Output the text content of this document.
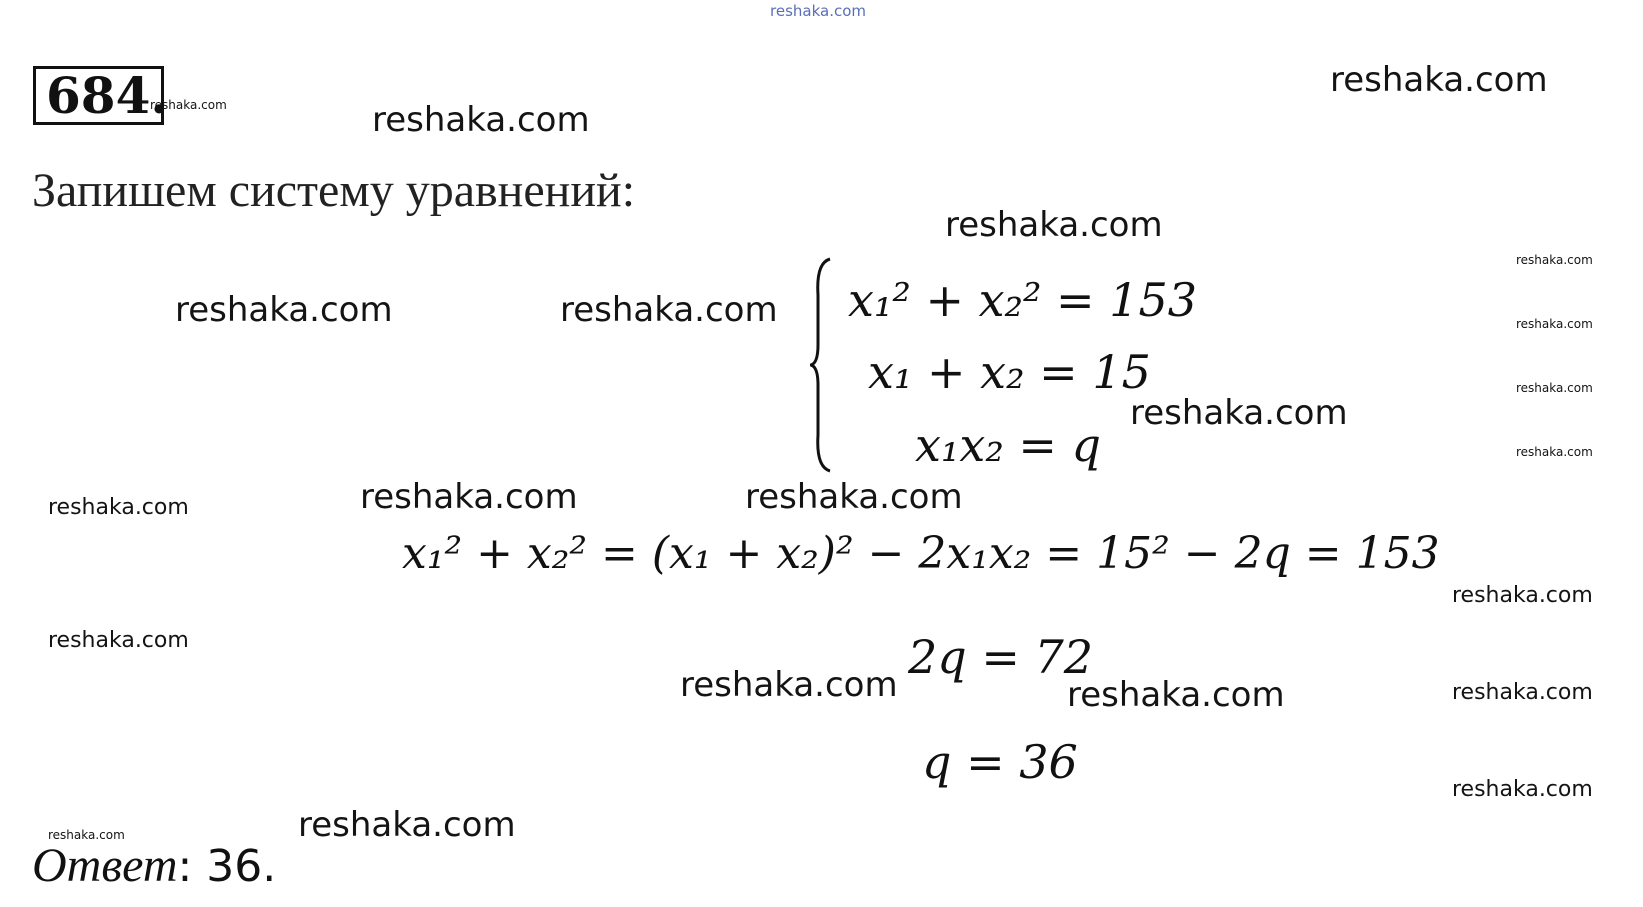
reshaka.com
684.
reshaka.com
reshaka.com
reshaka.com
reshaka.com
reshaka.com	reshaka.com
reshaka.com
reshaka.com	reshaka.com
reshaka.com	reshaka.com
reshaka.com
reshaka.com
reshaka.com
reshaka.com
reshaka.com
reshaka.com
reshaka.com
reshaka.com
reshaka.com
reshaka.com
reshaka.com
Запишем систему уравнений:
x₁² + x₂² = 153
x₁ + x₂ = 15
x₁x₂ = q
x₁² + x₂² = (x₁ + x₂)² − 2x₁x₂ = 15² − 2q = 153
2q = 72
q = 36
Ответ: 36.
